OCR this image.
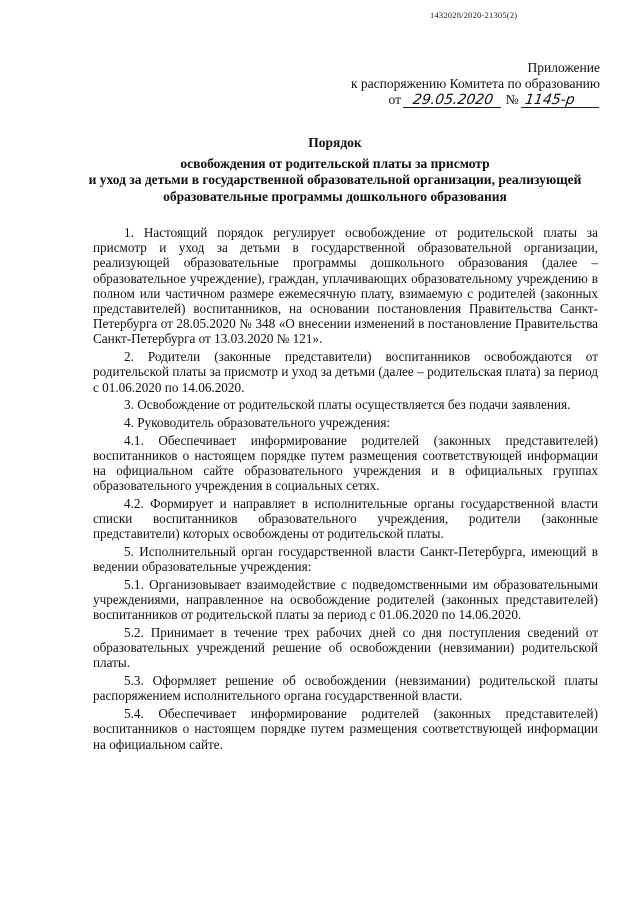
1432028/2020-21305(2)
Приложение
к распоряжению Комитета по образованию
от 29.05.2020 № 1145-р
Порядок
освобождения от родительской платы за присмотр
и уход за детьми в государственной образовательной организации, реализующей
образовательные программы дошкольного образования

1. Настоящий порядок регулирует освобождение от родительской платы за присмотр и уход за детьми в государственной образовательной организации, реализующей образовательные программы дошкольного образования (далее – образовательное учреждение), граждан, уплачивающих образовательному учреждению в полном или частичном размере ежемесячную плату, взимаемую с родителей (законных представителей) воспитанников, на основании постановления Правительства Санкт-Петербурга от 28.05.2020 № 348 «О внесении изменений в постановление Правительства Санкт-Петербурга от 13.03.2020 № 121».

2. Родители (законные представители) воспитанников освобождаются от родительской платы за присмотр и уход за детьми (далее – родительская плата) за период с 01.06.2020 по 14.06.2020.

3. Освобождение от родительской платы осуществляется без подачи заявления.

4. Руководитель образовательного учреждения:

4.1. Обеспечивает информирование родителей (законных представителей) воспитанников о настоящем порядке путем размещения соответствующей информации на официальном сайте образовательного учреждения и в официальных группах образовательного учреждения в социальных сетях.

4.2. Формирует и направляет в исполнительные органы государственной власти списки воспитанников образовательного учреждения, родители (законные представители) которых освобождены от родительской платы.

5. Исполнительный орган государственной власти Санкт-Петербурга, имеющий в ведении образовательные учреждения:

5.1. Организовывает взаимодействие с подведомственными им образовательными учреждениями, направленное на освобождение родителей (законных представителей) воспитанников от родительской платы за период с 01.06.2020 по 14.06.2020.

5.2. Принимает в течение трех рабочих дней со дня поступления сведений от образовательных учреждений решение об освобождении (невзимании) родительской платы.

5.3. Оформляет решение об освобождении (невзимании) родительской платы распоряжением исполнительного органа государственной власти.

5.4. Обеспечивает информирование родителей (законных представителей) воспитанников о настоящем порядке путем размещения соответствующей информации на официальном сайте.
